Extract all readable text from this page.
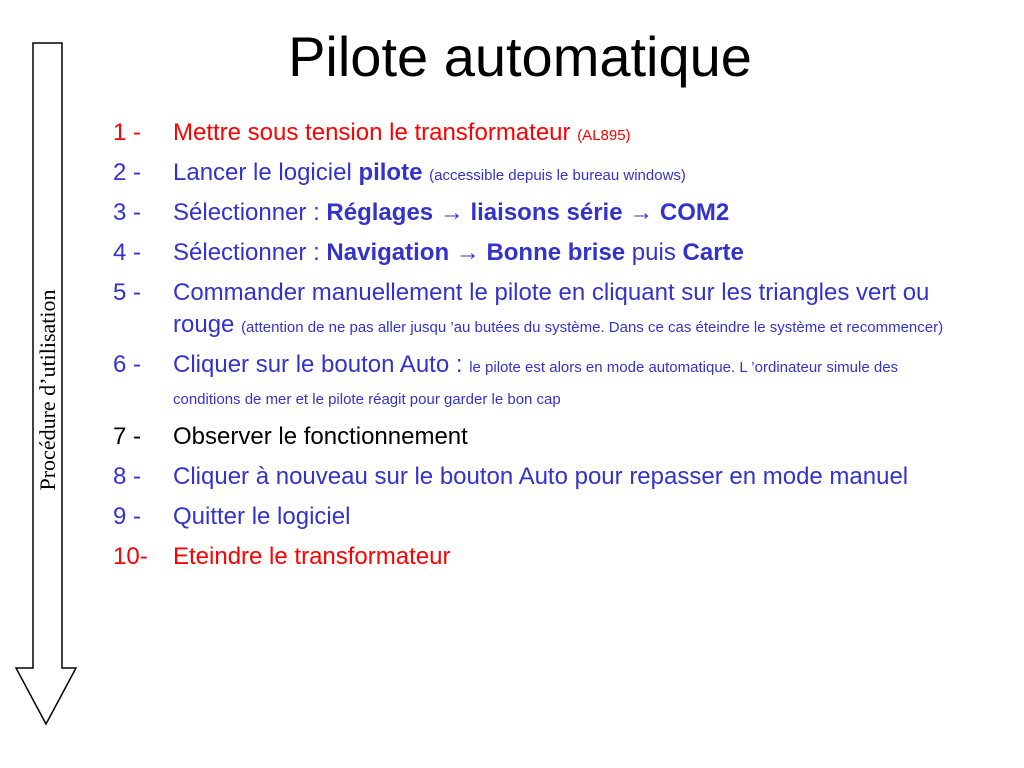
Procédure d’utilisation
Pilote automatique
1 -	Mettre sous tension le transformateur (AL895)
2 -	Lancer le logiciel pilote (accessible depuis le bureau windows)
3 -	Sélectionner : Réglages → liaisons série → COM2
4 -	Sélectionner : Navigation → Bonne brise puis Carte
5 -	Commander manuellement le pilote en cliquant sur les triangles vert ou rouge (attention de ne pas aller jusqu ’au butées du système. Dans ce cas éteindre le système et recommencer)
6 -	Cliquer sur le bouton Auto : le pilote est alors en mode automatique. L ’ordinateur simule des conditions de mer et le pilote réagit pour garder le bon cap
7 -	Observer le fonctionnement
8 -	Cliquer à nouveau sur le bouton Auto pour repasser en mode manuel
9 -	Quitter le logiciel
10-	Eteindre le transformateur
